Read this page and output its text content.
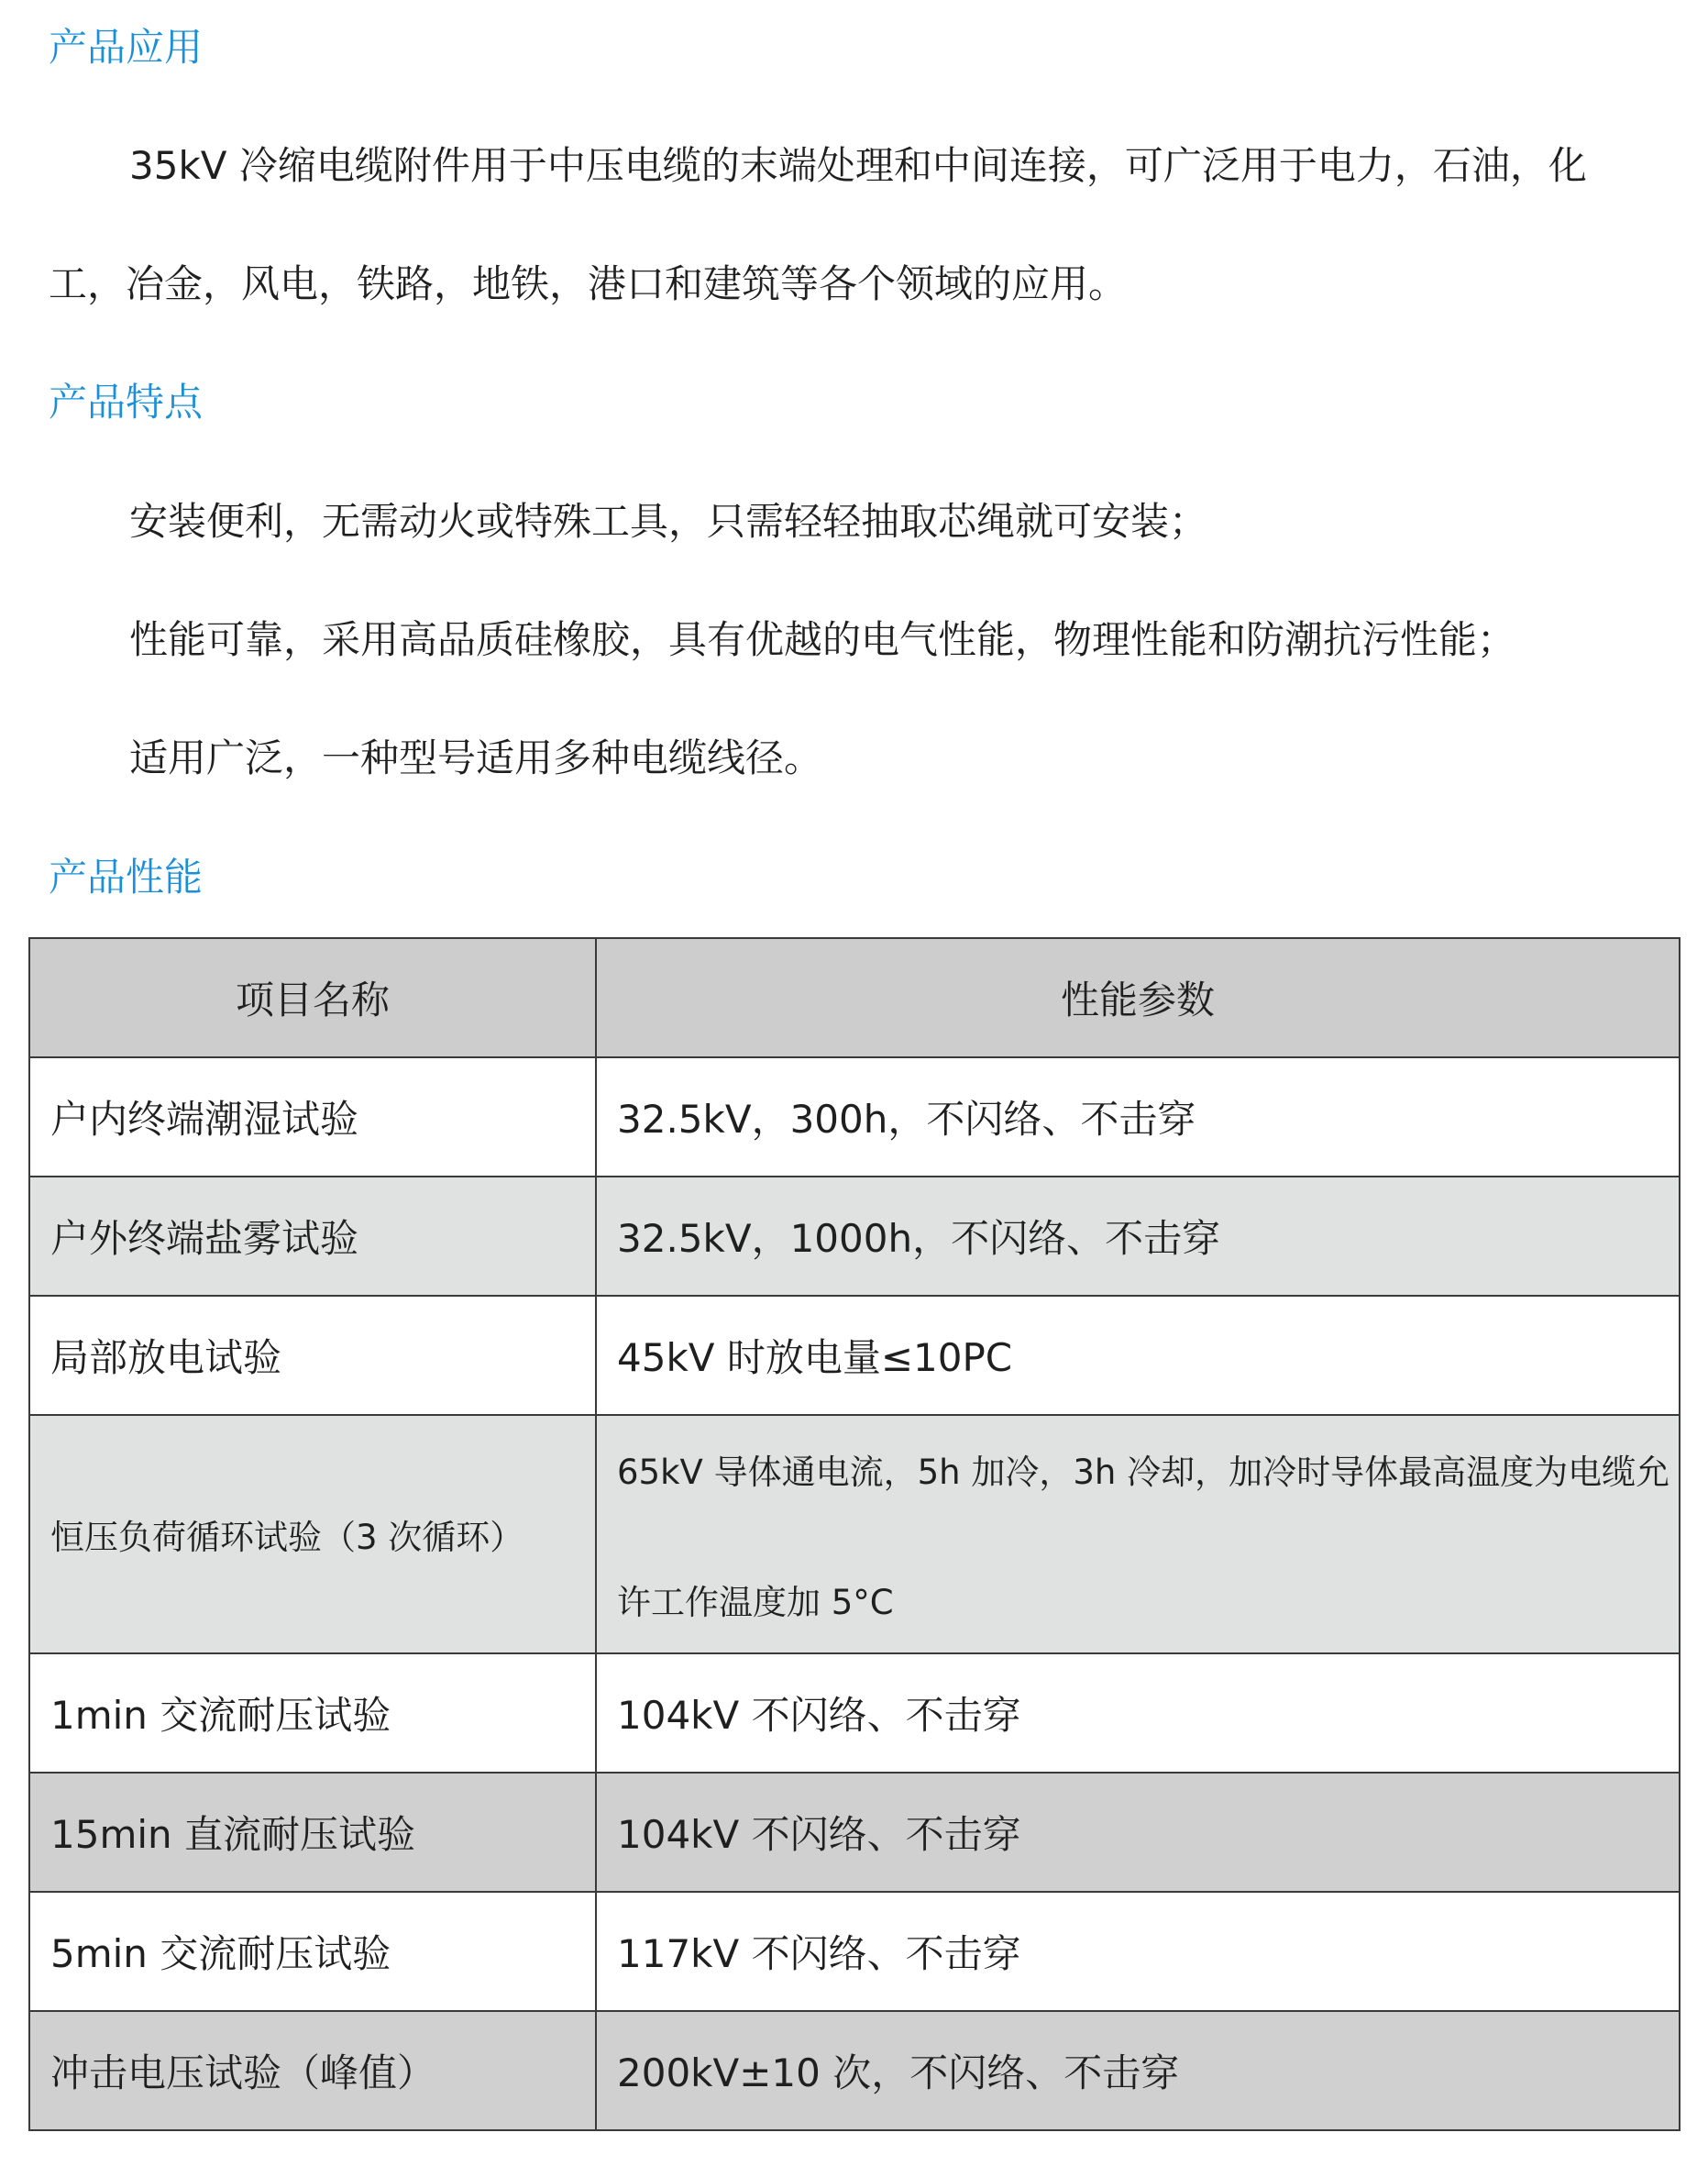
产品应用

35kV 冷缩电缆附件用于中压电缆的末端处理和中间连接，可广泛用于电力，石油，化

工，冶金，风电，铁路，地铁，港口和建筑等各个领域的应用。

产品特点

安装便利，无需动火或特殊工具，只需轻轻抽取芯绳就可安装；

性能可靠，采用高品质硅橡胶，具有优越的电气性能，物理性能和防潮抗污性能；

适用广泛，一种型号适用多种电缆线径。

产品性能
项目名称	性能参数
户内终端潮湿试验	32.5kV，300h，不闪络、不击穿
户外终端盐雾试验	32.5kV，1000h，不闪络、不击穿
局部放电试验	45kV 时放电量≤10PC
恒压负荷循环试验（3 次循环）	65kV 导体通电流，5h 加冷，3h 冷却，加冷时导体最高温度为电缆允
许工作温度加 5°C

1min 交流耐压试验	104kV 不闪络、不击穿
15min 直流耐压试验	104kV 不闪络、不击穿
5min 交流耐压试验	117kV 不闪络、不击穿
冲击电压试验（峰值）	200kV±10 次，不闪络、不击穿
